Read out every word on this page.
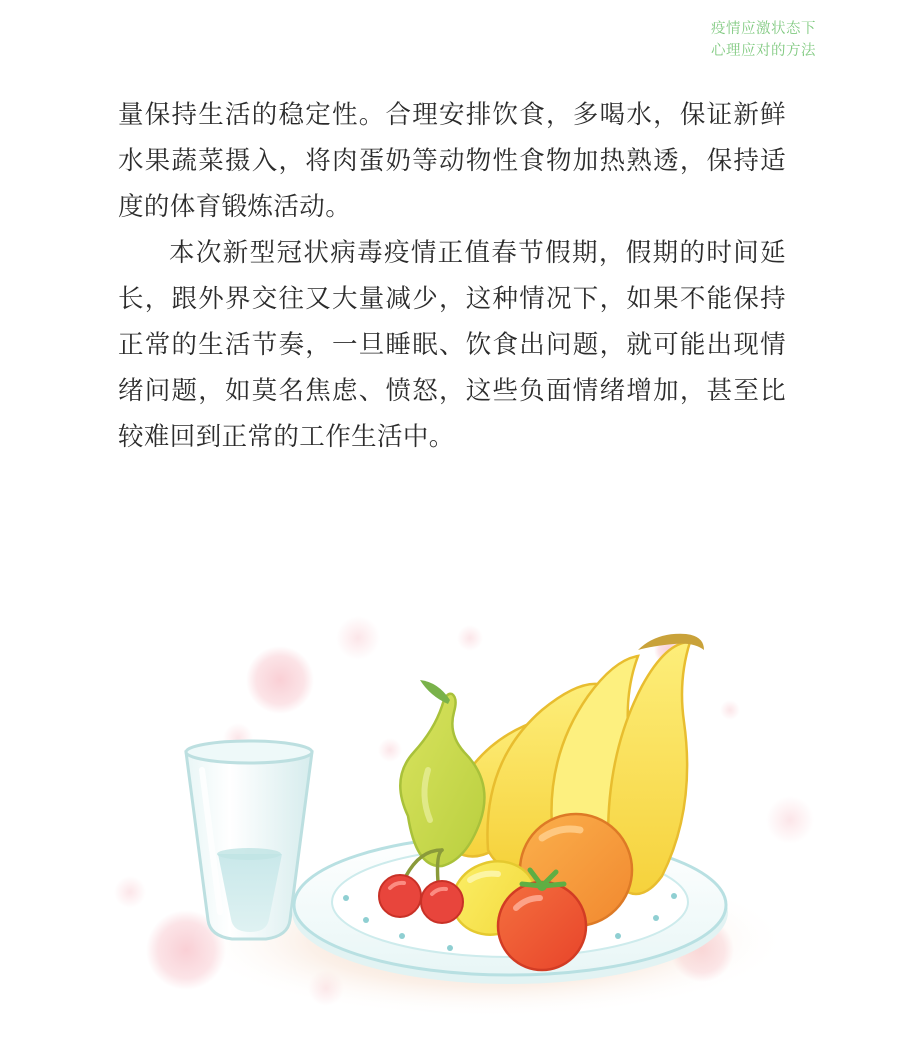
疫情应激状态下
心理应对的方法

量保持生活的稳定性。合理安排饮食，多喝水，保证新鲜水果蔬菜摄入，将肉蛋奶等动物性食物加热熟透，保持适度的体育锻炼活动。

本次新型冠状病毒疫情正值春节假期，假期的时间延长，跟外界交往又大量减少，这种情况下，如果不能保持正常的生活节奏，一旦睡眠、饮食出问题，就可能出现情绪问题，如莫名焦虑、愤怒，这些负面情绪增加，甚至比较难回到正常的工作生活中。
